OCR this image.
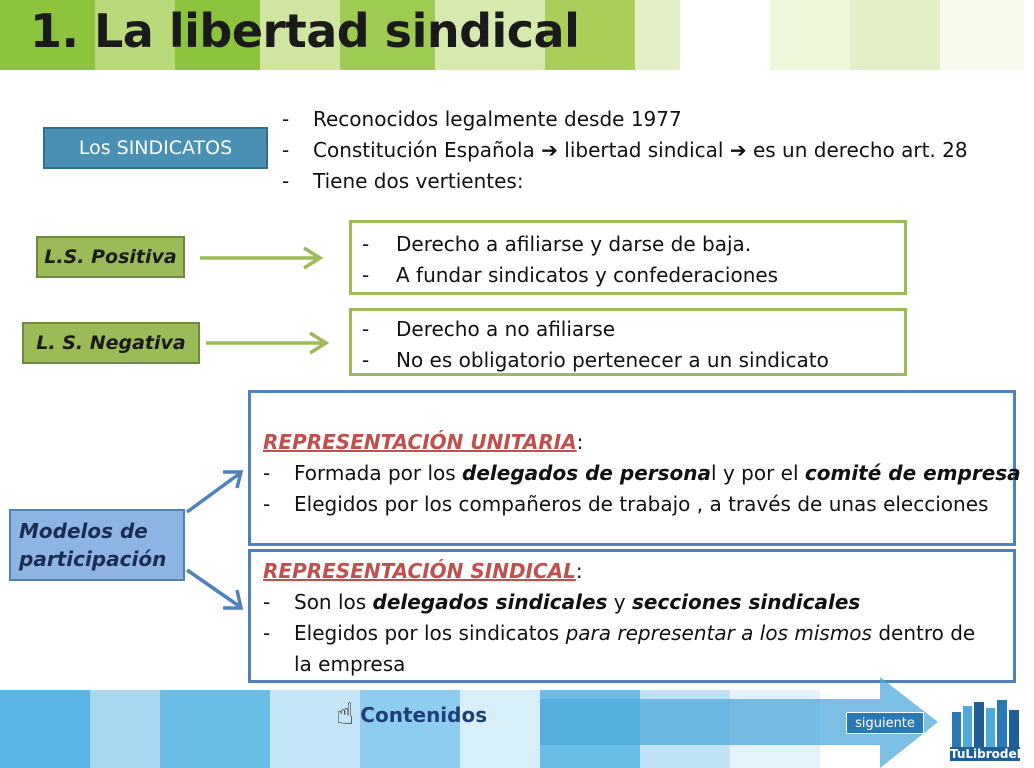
1. La libertad sindical
Los SINDICATOS
- Reconocidos legalmente desde 1977
- Constitución Española ➔ libertad sindical ➔ es un derecho art. 28
- Tiene dos vertientes:
L.S. Positiva
- Derecho a afiliarse y darse de baja.
- A fundar sindicatos y confederaciones
L. S. Negativa
- Derecho a no afiliarse
- No es obligatorio pertenecer a un sindicato
Modelos de
participación
REPRESENTACIÓN UNITARIA:
- Formada por los delegados de personal y por el comité de empresa
- Elegidos por los compañeros de trabajo , a través de unas elecciones
REPRESENTACIÓN SINDICAL:
- Son los delegados sindicales y secciones sindicales
- Elegidos por los sindicatos para representar a los mismos dentro de
la empresa
☝ Contenidos	siguiente
TuLibrodeFP
